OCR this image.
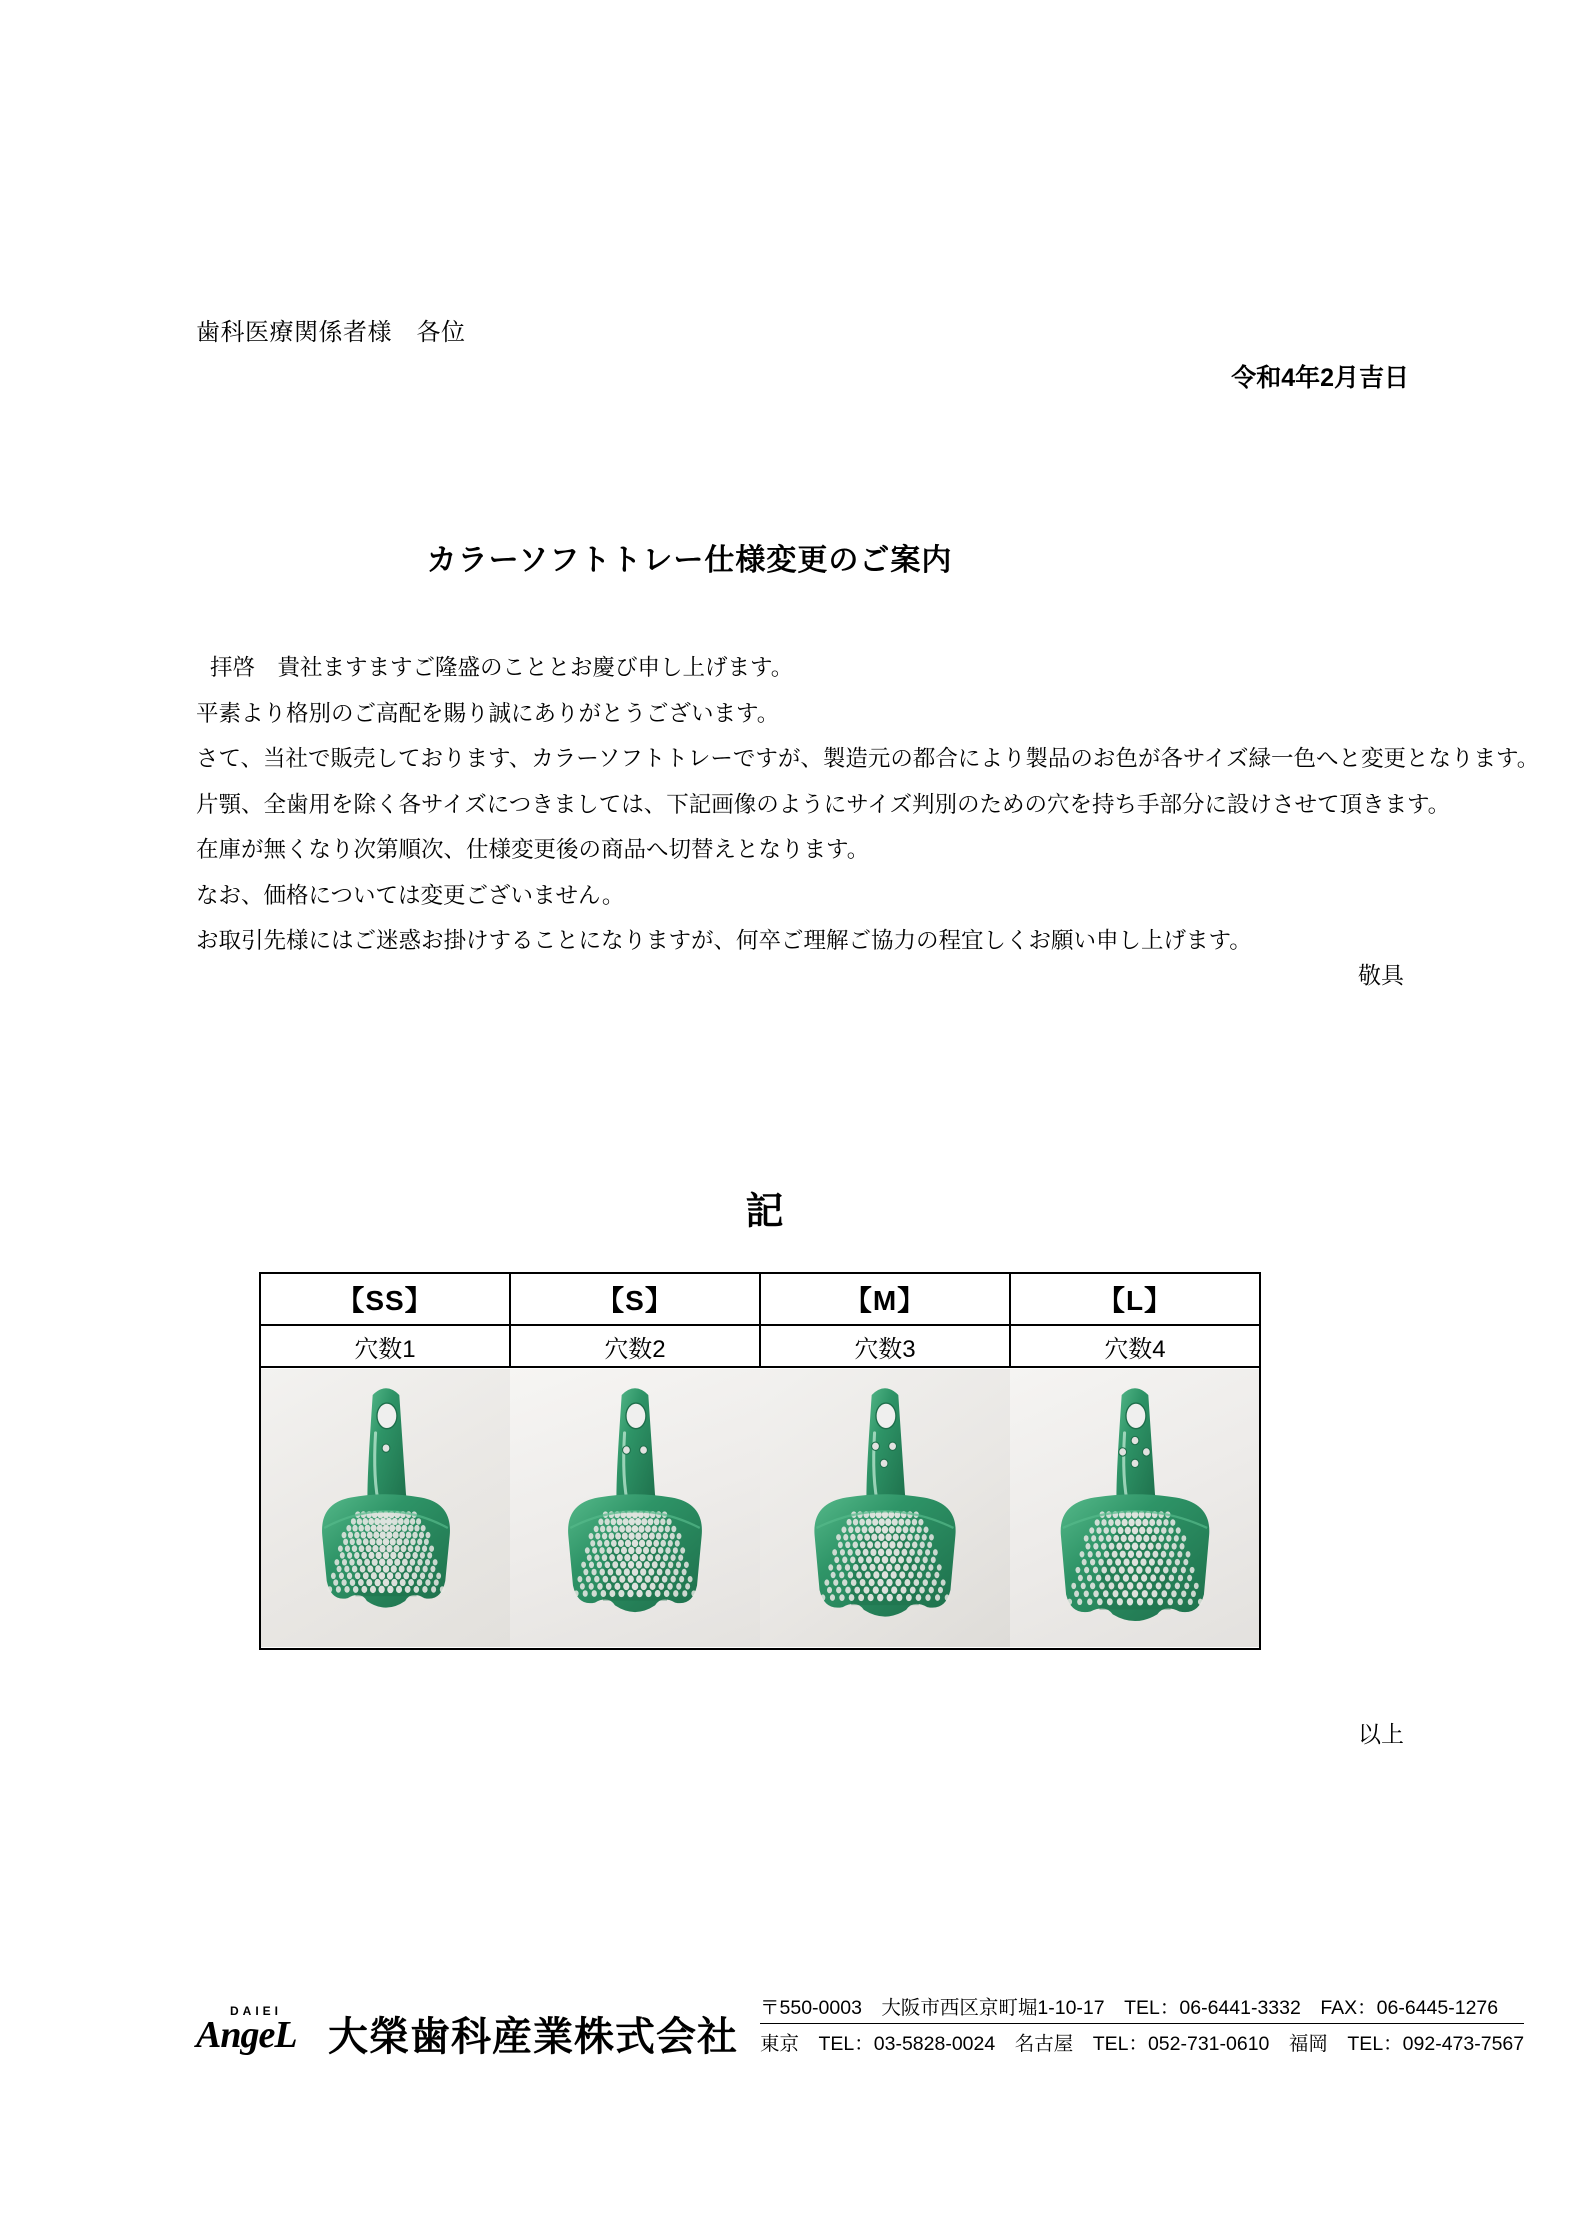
歯科医療関係者様　各位
令和4年2月吉日
カラーソフトトレー仕様変更のご案内

拝啓　貴社ますますご隆盛のこととお慶び申し上げます。

平素より格別のご高配を賜り誠にありがとうございます。

さて、当社で販売しております、カラーソフトトレーですが、製造元の都合により製品のお色が各サイズ緑一色へと変更となります。

片顎、全歯用を除く各サイズにつきましては、下記画像のようにサイズ判別のための穴を持ち手部分に設けさせて頂きます。

在庫が無くなり次第順次、仕様変更後の商品へ切替えとなります。

なお、価格については変更ございません。

お取引先様にはご迷惑お掛けすることになりますが、何卒ご理解ご協力の程宜しくお願い申し上げます。

敬具
記
【SS】	【S】	【M】	【L】
穴数1	穴数2	穴数3	穴数4

以上
DAIEI
AngeL 大榮歯科産業株式会社
〒550-0003　大阪市西区京町堀1-10-17　TEL：06-6441-3332　FAX：06-6445-1276
東京　TEL：03-5828-0024　名古屋　TEL：052-731-0610　福岡　TEL：092-473-7567
